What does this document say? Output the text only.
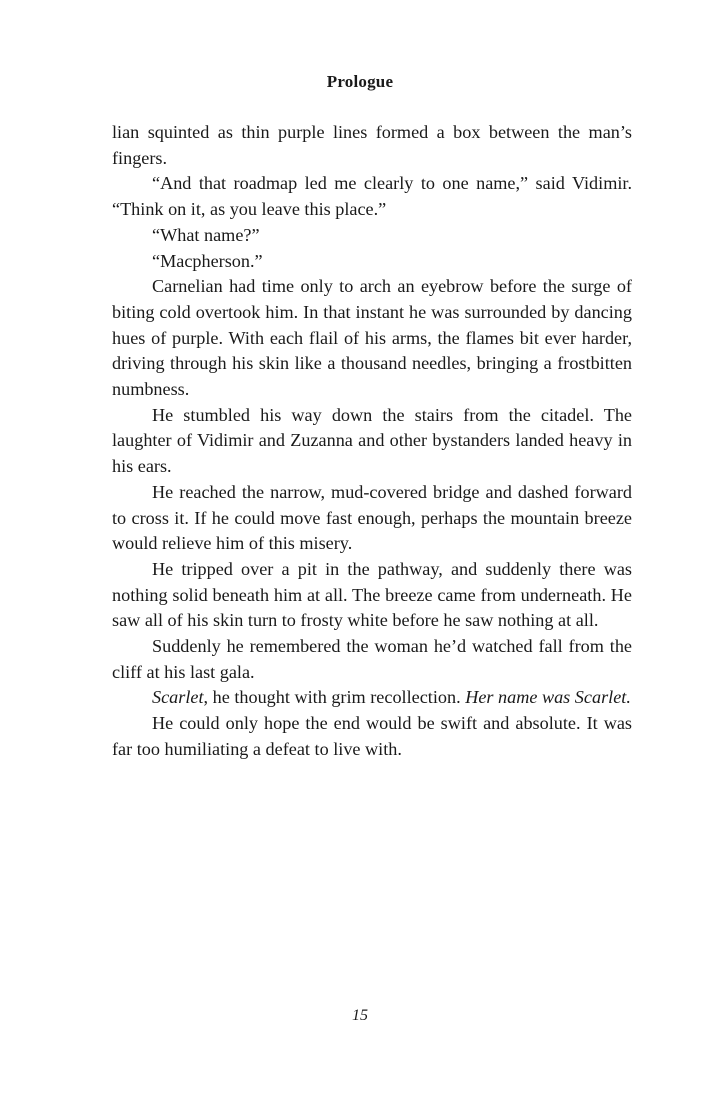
Prologue

lian squinted as thin purple lines formed a box between the man’s fingers.

“And that roadmap led me clearly to one name,” said Vidimir. “Think on it, as you leave this place.”

“What name?”

“Macpherson.”

Carnelian had time only to arch an eyebrow before the surge of biting cold overtook him. In that instant he was surrounded by dancing hues of purple. With each flail of his arms, the flames bit ever harder, driving through his skin like a thousand needles, bringing a frostbitten numbness.

He stumbled his way down the stairs from the citadel. The laughter of Vidimir and Zuzanna and other bystanders landed heavy in his ears.

He reached the narrow, mud-covered bridge and dashed forward to cross it. If he could move fast enough, perhaps the mountain breeze would relieve him of this misery.

He tripped over a pit in the pathway, and suddenly there was nothing solid beneath him at all. The breeze came from underneath. He saw all of his skin turn to frosty white before he saw nothing at all.

Suddenly he remembered the woman he’d watched fall from the cliff at his last gala.

Scarlet, he thought with grim recollection. Her name was Scarlet.

He could only hope the end would be swift and absolute. It was far too humiliating a defeat to live with.

15
